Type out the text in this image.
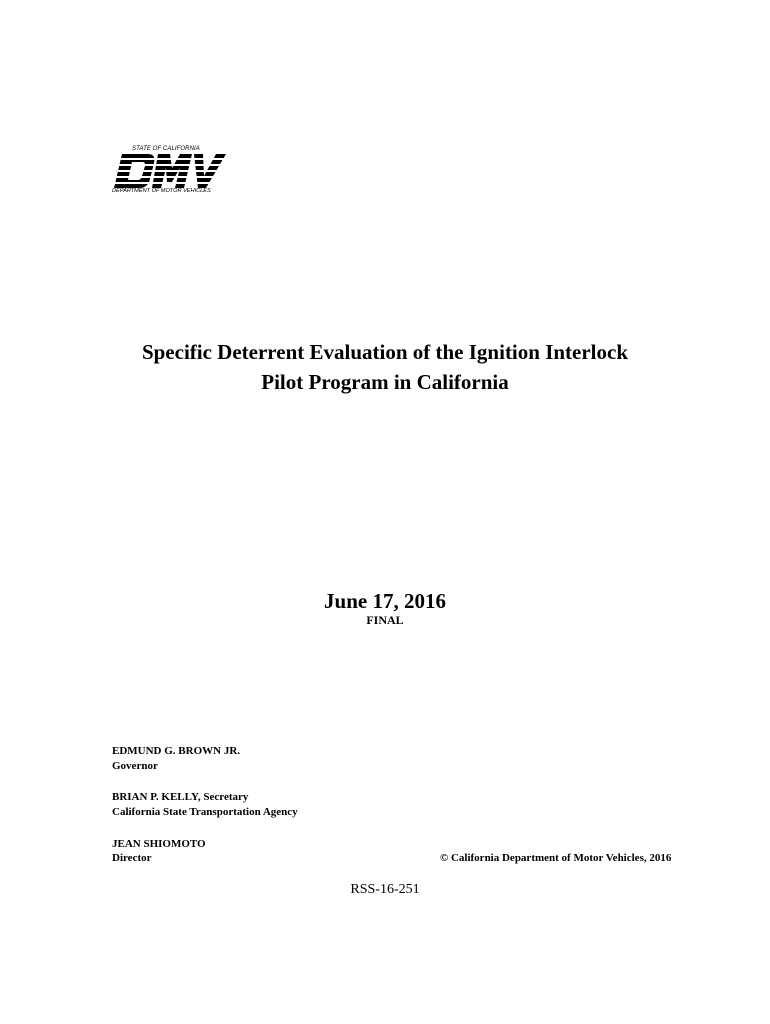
STATE OF CALIFORNIA
DEPARTMENT OF MOTOR VEHICLES
Specific Deterrent Evaluation of the Ignition Interlock
Pilot Program in California
June 17, 2016
FINAL
EDMUND G. BROWN JR.
Governor
BRIAN P. KELLY, Secretary
California State Transportation Agency
JEAN SHIOMOTO
Director	© California Department of Motor Vehicles, 2016
RSS-16-251
